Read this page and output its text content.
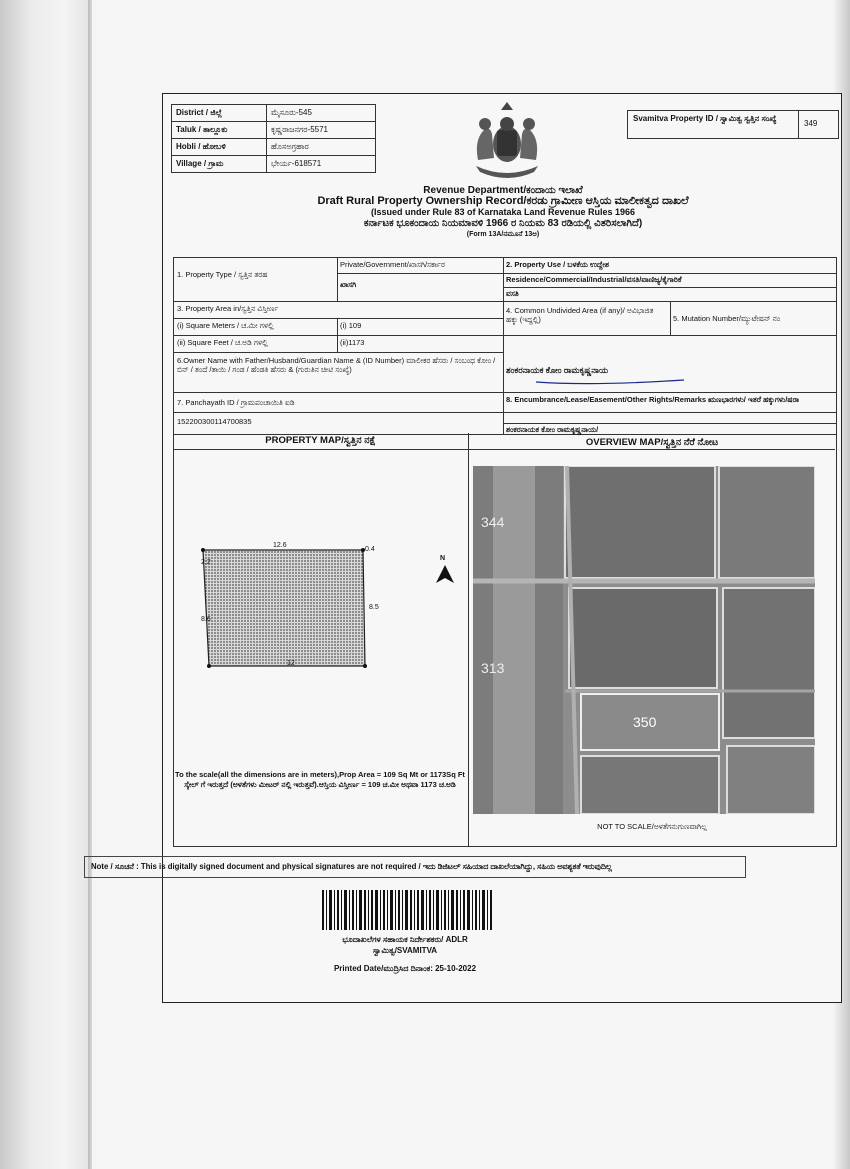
District / ಜಿಲ್ಲೆ	ಮೈಸೂರು-545
Taluk / ತಾಲ್ಲೂಕು	ಕೃಷ್ಣರಾಜನಗರ-5571
Hobli / ಹೋಬಳಿ	ಹೊಸಅಗ್ರಹಾರ
Village / ಗ್ರಾಮ	ಭೇರ್ಯ-618571
Svamitva Property ID / ಸ್ವಾಮಿತ್ವ ಸ್ವತ್ತಿನ ಸಂಖ್ಯೆ
349
Revenue Department/ಕಂದಾಯ ಇಲಾಖೆ
Draft Rural Property Ownership Record/ಕರಡು ಗ್ರಾಮೀಣ ಆಸ್ತಿಯ ಮಾಲೀಕತ್ವದ ದಾಖಲೆ
(Issued under Rule 83 of Karnataka Land Revenue Rules 1966
ಕರ್ನಾಟಕ ಭೂಕಂದಾಯ ನಿಯಮಾವಳಿ 1966 ರ ನಿಯಮ 83 ರಡಿಯಲ್ಲಿ ವಿತರಿಸಲಾಗಿದೆ)
(Form 13A/ನಮೂನೆ 13ಅ)
1. Property Type / ಸ್ವತ್ತಿನ ತರಹ
Private/Government/ಖಾಸಗಿ/ಸರ್ಕಾರ
ಖಾಸಗಿ
2. Property Use / ಬಳಕೆಯ ಉದ್ದೇಶ
Residence/Commercial/Industrial/ವಸತಿ/ವಾಣಿಜ್ಯ/ಕೈಗಾರಿಕೆ
ವಸತಿ
3. Property Area in/ಸ್ವತ್ತಿನ ವಿಸ್ತೀರ್ಣ
(i) Square Meters / ಚ.ಮೀ ಗಳಲ್ಲಿ	(i) 109
(ii) Square Feet / ಚ.ಅಡಿ ಗಳಲ್ಲಿ	(ii)1173
4. Common Undivided Area (if any)/ ಅವಿಭಾಜಿತ ಹಕ್ಕು (ಇದ್ದಲ್ಲಿ)	5. Mutation Number/ಮ್ಯುಟೇಷನ್ ನಂ
6.Owner Name with Father/Husband/Guardian Name & (ID Number) ಮಾಲೀಕರ ಹೆಸರು / ಸಂಬಂಧ ಕೋಂ / ಬಿನ್ / ತಂದೆ /ತಾಯಿ / ಗಂಡ / ಹೆಂಡತಿ ಹೆಸರು & (ಗುರುತಿನ ಚೀಟಿ ಸಂಖ್ಯೆ)	ಶಂಕರನಾಯಕ ಕೋಂ ರಾಮಕೃಷ್ಣನಾಯ
7. Panchayath ID / ಗ್ರಾಮಪಂಚಾಯಿತಿ ಐಡಿ
152200300114700835
8. Encumbrance/Lease/Easement/Other Rights/Remarks ಋಣಭಾರಗಳು/ ಇತರೆ ಹಕ್ಕುಗಳು/ಷರಾ
ಶಂಕರನಾಯಕ ಕೋಂ ರಾಮಕೃಷ್ಣನಾಯ/
PROPERTY MAP/ಸ್ವತ್ತಿನ ನಕ್ಷೆ	OVERVIEW MAP/ಸ್ವತ್ತಿನ ನೆರೆ ನೋಟ
12.6
0.4
2.2
8.6
8.5
12
N
To the scale(all the dimensions are in meters),Prop Area = 109 Sq Mt or 1173Sq Ft
ಸ್ಕೇಲ್ ಗೆ ಇರುತ್ತದೆ (ಅಳತೆಗಳು ಮೀಟರ್ ನಲ್ಲಿ ಇರುತ್ತವೆ).ಆಸ್ತಿಯ ವಿಸ್ತೀರ್ಣ = 109 ಚ.ಮೀ ಅಥವಾ 1173 ಚ.ಅಡಿ
344
313
350
NOT TO SCALE/ಅಳತೆಗನುಗುಣವಾಗಿಲ್ಲ
Note / ಸೂಚನೆ : This is digitally signed document and physical signatures are not required / ಇದು ಡಿಜಿಟಲ್ ಸಹಿಯಾದ ದಾಖಲೆಯಾಗಿದ್ದು, ಸಹಿಯ ಅವಶ್ಯಕತೆ ಇರುವುದಿಲ್ಲ
ಭೂದಾಖಲೆಗಳ ಸಹಾಯಕ ನಿರ್ದೇಶಕರು/ ADLR
ಸ್ವಾಮಿತ್ವ/SVAMITVA
Printed Date/ಮುದ್ರಿಸಿದ ದಿನಾಂಕ: 25-10-2022
